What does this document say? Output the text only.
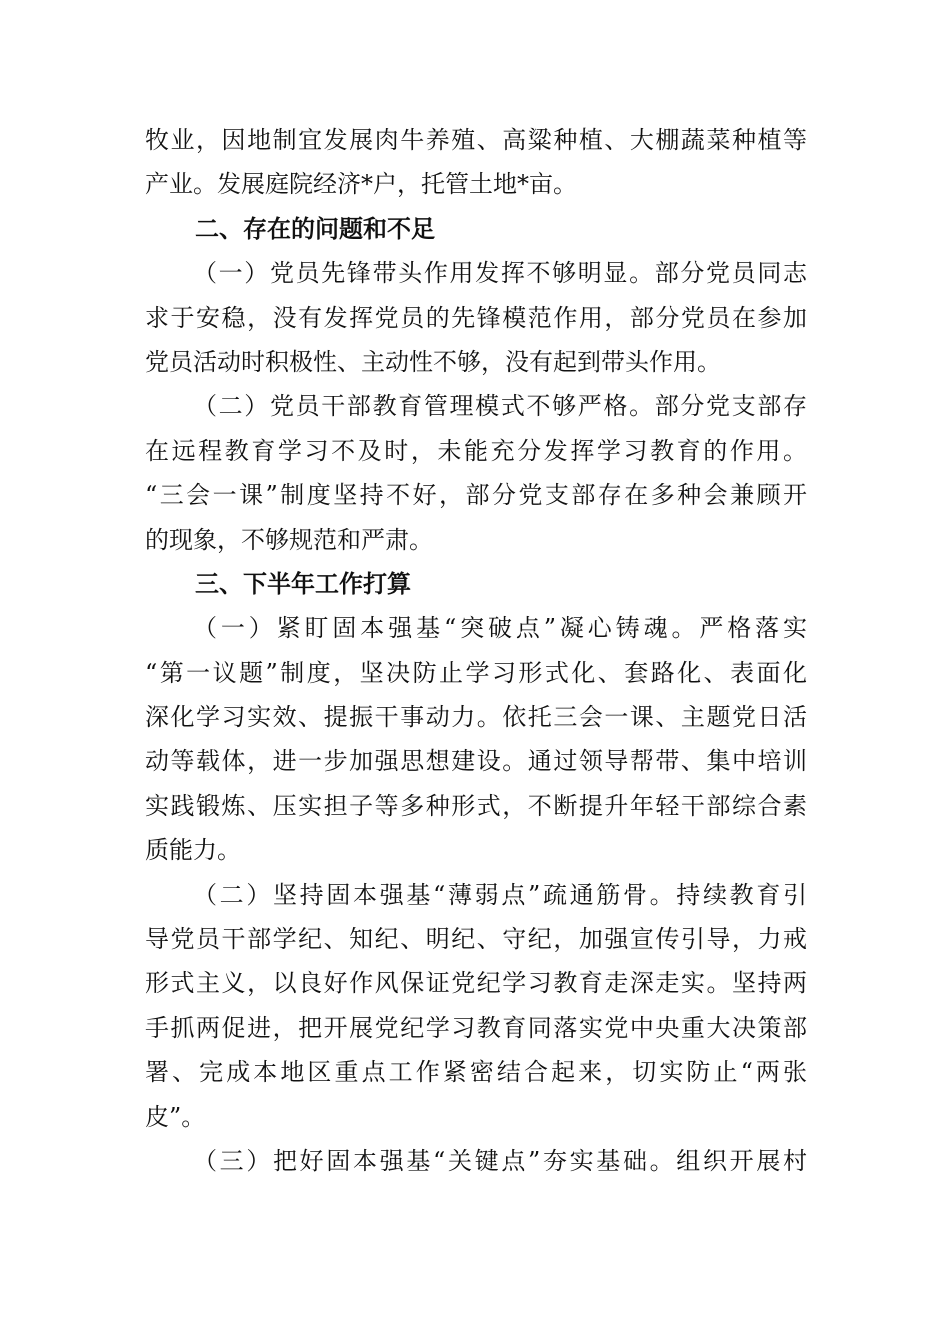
牧业，因地制宜发展肉牛养殖、高粱种植、大棚蔬菜种植等
产业。发展庭院经济*户，托管土地*亩。
二、存在的问题和不足
（一）党员先锋带头作用发挥不够明显。部分党员同志
求于安稳，没有发挥党员的先锋模范作用，部分党员在参加
党员活动时积极性、主动性不够，没有起到带头作用。
（二）党员干部教育管理模式不够严格。部分党支部存
在远程教育学习不及时，未能充分发挥学习教育的作用。
“三会一课”制度坚持不好，部分党支部存在多种会兼顾开
的现象，不够规范和严肃。
三、下半年工作打算
（一）紧盯固本强基“突破点”凝心铸魂。严格落实
“第一议题”制度，坚决防止学习形式化、套路化、表面化
深化学习实效、提振干事动力。依托三会一课、主题党日活
动等载体，进一步加强思想建设。通过领导帮带、集中培训
实践锻炼、压实担子等多种形式，不断提升年轻干部综合素
质能力。
（二）坚持固本强基“薄弱点”疏通筋骨。持续教育引
导党员干部学纪、知纪、明纪、守纪，加强宣传引导，力戒
形式主义，以良好作风保证党纪学习教育走深走实。坚持两
手抓两促进，把开展党纪学习教育同落实党中央重大决策部
署、完成本地区重点工作紧密结合起来，切实防止“两张
皮”。
（三）把好固本强基“关键点”夯实基础。组织开展村
